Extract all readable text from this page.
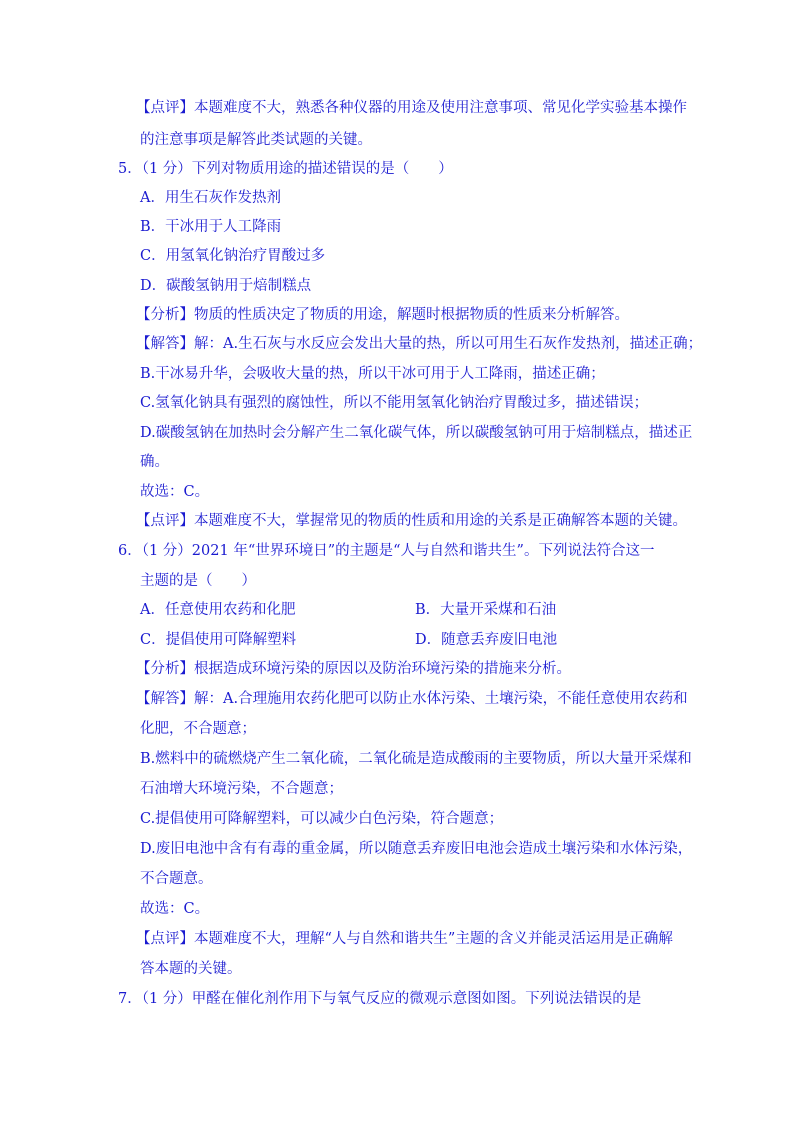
【点评】本题难度不大，熟悉各种仪器的用途及使用注意事项、常见化学实验基本操作
的注意事项是解答此类试题的关键。
5．（1 分）下列对物质用途的描述错误的是（　　）
A．用生石灰作发热剂
B．干冰用于人工降雨
C．用氢氧化钠治疗胃酸过多
D．碳酸氢钠用于焙制糕点
【分析】物质的性质决定了物质的用途，解题时根据物质的性质来分析解答。
【解答】解：A.生石灰与水反应会发出大量的热，所以可用生石灰作发热剂，描述正确；
B.干冰易升华，会吸收大量的热，所以干冰可用于人工降雨，描述正确；
C.氢氧化钠具有强烈的腐蚀性，所以不能用氢氧化钠治疗胃酸过多，描述错误；
D.碳酸氢钠在加热时会分解产生二氧化碳气体，所以碳酸氢钠可用于焙制糕点，描述正
确。
故选：C。
【点评】本题难度不大，掌握常见的物质的性质和用途的关系是正确解答本题的关键。
6．（1 分）2021 年“世界环境日”的主题是“人与自然和谐共生”。下列说法符合这一
主题的是（　　）
A．任意使用农药和化肥	B．大量开采煤和石油
C．提倡使用可降解塑料	D．随意丢弃废旧电池
【分析】根据造成环境污染的原因以及防治环境污染的措施来分析。
【解答】解：A.合理施用农药化肥可以防止水体污染、土壤污染，不能任意使用农药和
化肥，不合题意；
B.燃料中的硫燃烧产生二氧化硫，二氧化硫是造成酸雨的主要物质，所以大量开采煤和
石油增大环境污染，不合题意；
C.提倡使用可降解塑料，可以减少白色污染，符合题意；
D.废旧电池中含有有毒的重金属，所以随意丢弃废旧电池会造成土壤污染和水体污染，
不合题意。
故选：C。
【点评】本题难度不大，理解“人与自然和谐共生”主题的含义并能灵活运用是正确解
答本题的关键。
7．（1 分）甲醛在催化剂作用下与氧气反应的微观示意图如图。下列说法错误的是
